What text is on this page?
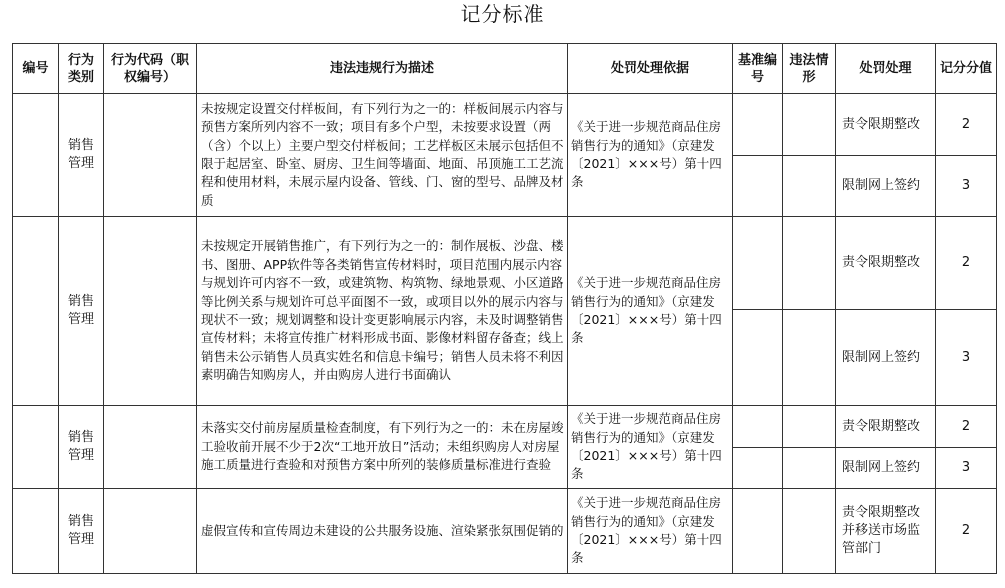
记分标准
编号	行为类别	行为代码（职权编号）	违法违规行为描述	处罚处理依据	基准编号	违法情形	处罚处理	记分分值
	销售管理		未按规定设置交付样板间，有下列行为之一的：样板间展示内容与预售方案所列内容不一致；项目有多个户型，未按要求设置（两（含）个以上）主要户型交付样板间；工艺样板区未展示包括但不限于起居室、卧室、厨房、卫生间等墙面、地面、吊顶施工工艺流程和使用材料，未展示屋内设备、管线、门、窗的型号、品牌及材质	《关于进一步规范商品住房销售行为的通知》（京建发〔2021〕×××号）第十四条			责令限期整改	2
							限制网上签约	3
	销售管理		未按规定开展销售推广，有下列行为之一的：制作展板、沙盘、楼书、图册、APP软件等各类销售宣传材料时，项目范围内展示内容与规划许可内容不一致，或建筑物、构筑物、绿地景观、小区道路等比例关系与规划许可总平面图不一致，或项目以外的展示内容与现状不一致；规划调整和设计变更影响展示内容，未及时调整销售宣传材料；未将宣传推广材料形成书面、影像材料留存备查；线上销售未公示销售人员真实姓名和信息卡编号；销售人员未将不利因素明确告知购房人，并由购房人进行书面确认	《关于进一步规范商品住房销售行为的通知》（京建发〔2021〕×××号）第十四条			责令限期整改	2
							限制网上签约	3
	销售管理		未落实交付前房屋质量检查制度，有下列行为之一的：未在房屋竣工验收前开展不少于2次“工地开放日”活动；未组织购房人对房屋施工质量进行查验和对预售方案中所列的装修质量标准进行查验	《关于进一步规范商品住房销售行为的通知》（京建发〔2021〕×××号）第十四条			责令限期整改	2
							限制网上签约	3
	销售管理		虚假宣传和宣传周边未建设的公共服务设施、渲染紧张氛围促销的	《关于进一步规范商品住房销售行为的通知》（京建发〔2021〕×××号）第十四条			责令限期整改并移送市场监管部门	2
